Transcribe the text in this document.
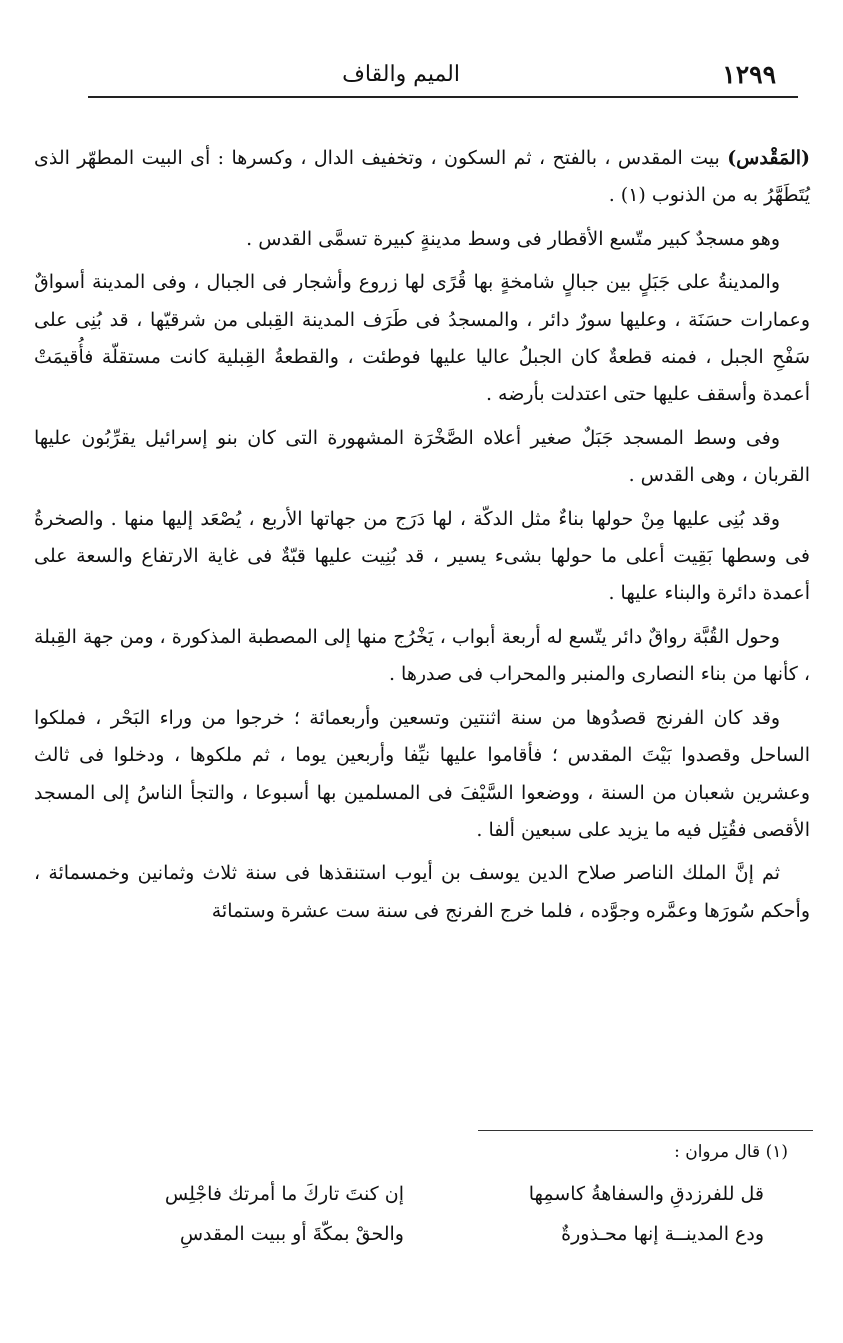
١٢٩٩
الميم والقاف

(المَقْدس) بيت المقدس ، بالفتح ، ثم السكون ، وتخفيف الدال ، وكسرها : أى البيت المطهّر الذى يُتَطَهَّرُ به من الذنوب (١) .

وهو مسجدٌ كبير متّسع الأقطار فى وسط مدينةٍ كبيرة تسمَّى القدس .

والمدينةُ على جَبَلٍ بين جبالٍ شامخةٍ بها قُرًى لها زروع وأشجار فى الجبال ، وفى المدينة أسواقٌ وعمارات حسَنَة ، وعليها سورٌ دائر ، والمسجدُ فى طَرَف المدينة القِبلى من شرقيّها ، قد بُنِى على سَفْحِ الجبل ، فمنه قطعةٌ كان الجبلُ عاليا عليها فوطئت ، والقطعةُ القِبلية كانت مستقلّة فأُقيمَتْ أعمدة وأسقف عليها حتى اعتدلت بأرضه .

وفى وسط المسجد جَبَلٌ صغير أعلاه الصَّخْرَة المشهورة التى كان بنو إسرائيل يقرِّبُون عليها القربان ، وهى القدس .

وقد بُنِى عليها مِنْ حولها بناءٌ مثل الدكّة ، لها دَرَج من جهاتها الأربع ، يُصْعَد إليها منها . والصخرةُ فى وسطها بَقِيت أعلى ما حولها بشىء يسير ، قد بُنِيت عليها قبّةٌ فى غاية الارتفاع والسعة على أعمدة دائرة والبناء عليها .

وحول القُبَّة رواقٌ دائر يتّسع له أربعة أبواب ، يَخْرُج منها إلى المصطبة المذكورة ، ومن جهة القِبلة ، كأنها من بناء النصارى والمنبر والمحراب فى صدرها .

وقد كان الفرنج قصدُوها من سنة اثنتين وتسعين وأربعمائة ؛ خرجوا من وراء البَحْر ، فملكوا الساحل وقصدوا بَيْتَ المقدس ؛ فأقاموا عليها نيِّفا وأربعين يوما ، ثم ملكوها ، ودخلوا فى ثالث وعشرين شعبان من السنة ، ووضعوا السَّيْفَ فى المسلمين بها أسبوعا ، والتجأ الناسُ إلى المسجد الأقصى فقُتِل فيه ما يزيد على سبعين ألفا .

ثم إنَّ الملك الناصر صلاح الدين يوسف بن أيوب استنقذها فى سنة ثلاث وثمانين وخمسمائة ، وأحكم سُورَها وعمَّره وجوَّده ، فلما خرج الفرنج فى سنة ست عشرة وستمائة

(١) قال مروان :
قل للفرزدقِ والسفاهةُ كاسمِها
إن كنتَ تاركَ ما أمرتك فاجْلِس
ودع المدينــة إنها محـذورةٌ
والحقْ بمكّةَ أو ببيت المقدسِ
